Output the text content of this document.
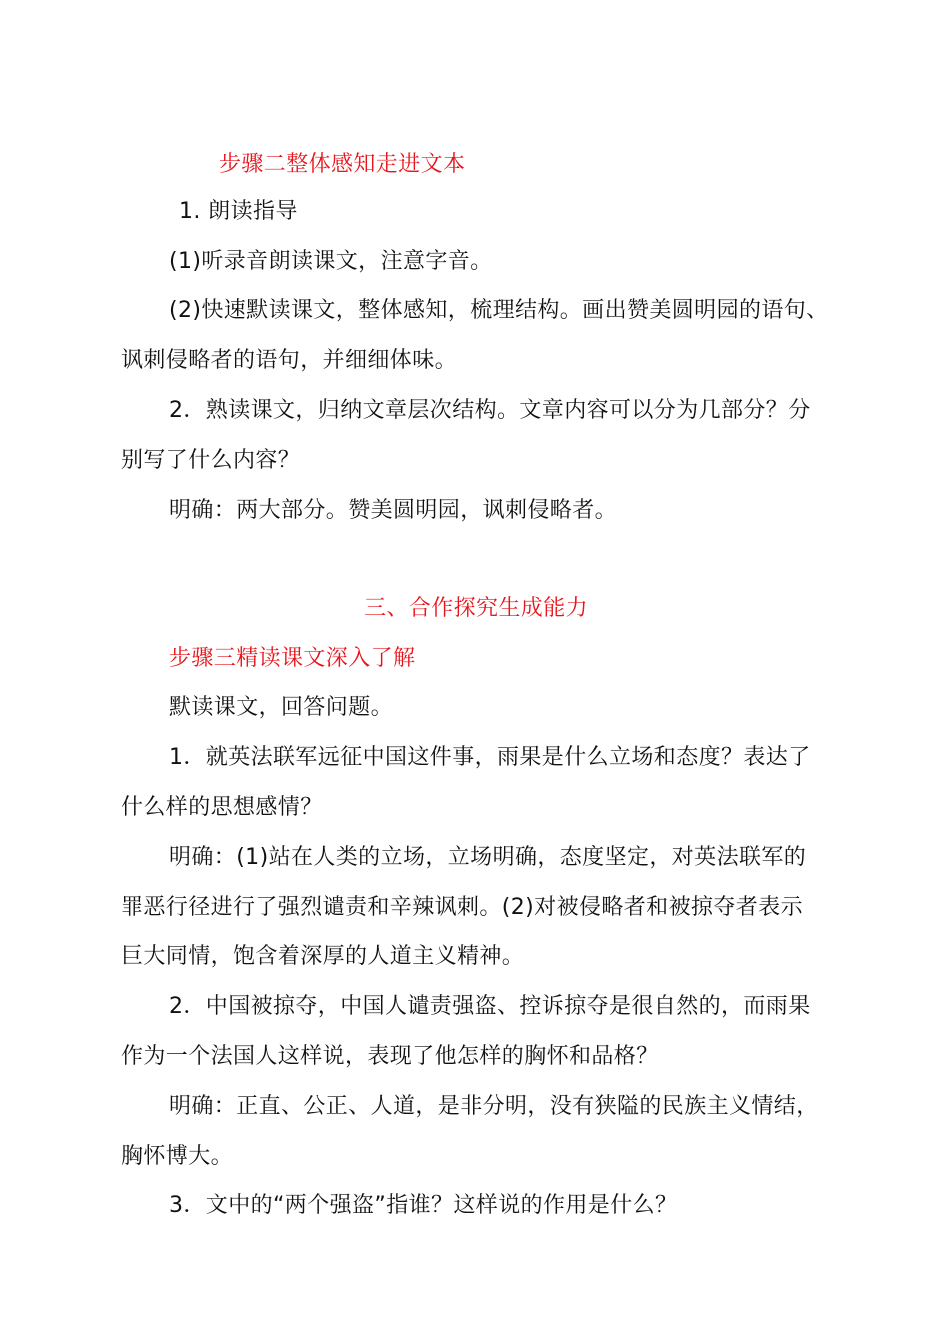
步骤二整体感知走进文本
1. 朗读指导
(1)听录音朗读课文，注意字音。
(2)快速默读课文，整体感知，梳理结构。画出赞美圆明园的语句、
讽刺侵略者的语句，并细细体味。
2．熟读课文，归纳文章层次结构。文章内容可以分为几部分？分
别写了什么内容？
明确：两大部分。赞美圆明园，讽刺侵略者。
三、合作探究生成能力
步骤三精读课文深入了解
默读课文，回答问题。
1．就英法联军远征中国这件事，雨果是什么立场和态度？表达了
什么样的思想感情？
明确：(1)站在人类的立场，立场明确，态度坚定，对英法联军的
罪恶行径进行了强烈谴责和辛辣讽刺。(2)对被侵略者和被掠夺者表示
巨大同情，饱含着深厚的人道主义精神。
2．中国被掠夺，中国人谴责强盗、控诉掠夺是很自然的，而雨果
作为一个法国人这样说，表现了他怎样的胸怀和品格？
明确：正直、公正、人道，是非分明，没有狭隘的民族主义情结，
胸怀博大。
3．文中的“两个强盗”指谁？这样说的作用是什么？
